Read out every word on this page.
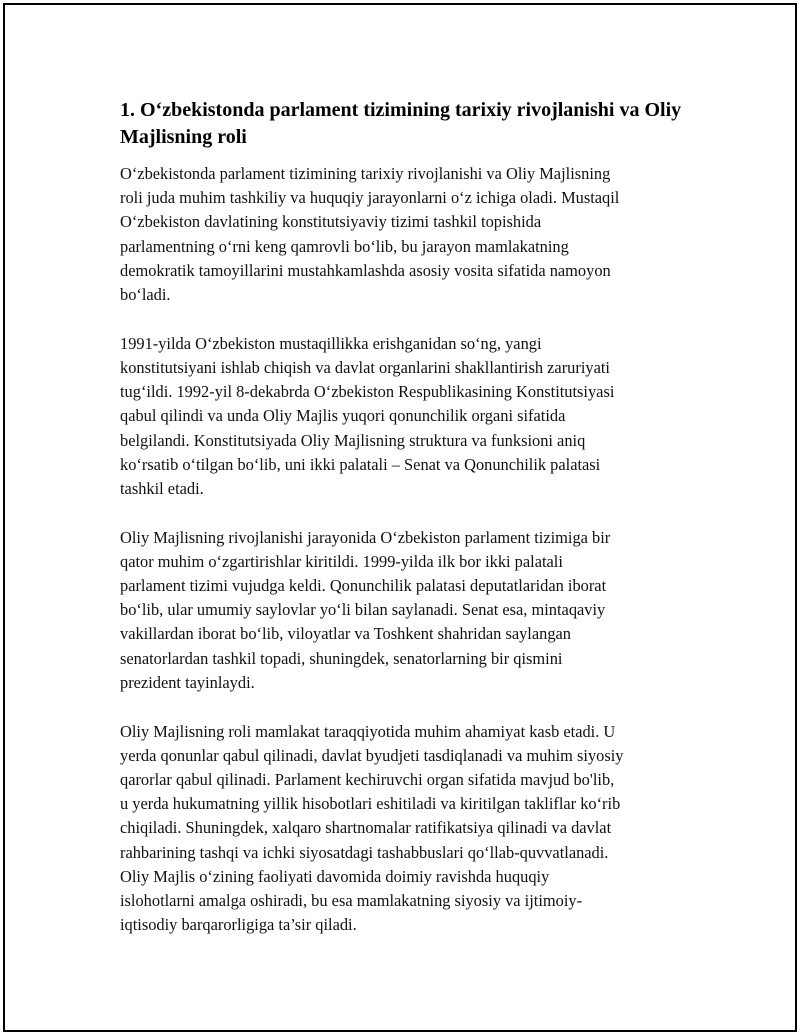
1. O‘zbekistonda parlament tizimining tarixiy rivojlanishi va Oliy Majlisning roli

O‘zbekistonda parlament tizimining tarixiy rivojlanishi va Oliy Majlisning
roli juda muhim tashkiliy va huquqiy jarayonlarni o‘z ichiga oladi. Mustaqil
O‘zbekiston davlatining konstitutsiyaviy tizimi tashkil topishida
parlamentning o‘rni keng qamrovli bo‘lib, bu jarayon mamlakatning
demokratik tamoyillarini mustahkamlashda asosiy vosita sifatida namoyon
bo‘ladi.

1991-yilda O‘zbekiston mustaqillikka erishganidan so‘ng, yangi
konstitutsiyani ishlab chiqish va davlat organlarini shakllantirish zaruriyati
tug‘ildi. 1992-yil 8-dekabrda O‘zbekiston Respublikasining Konstitutsiyasi
qabul qilindi va unda Oliy Majlis yuqori qonunchilik organi sifatida
belgilandi. Konstitutsiyada Oliy Majlisning struktura va funksioni aniq
ko‘rsatib o‘tilgan bo‘lib, uni ikki palatali – Senat va Qonunchilik palatasi
tashkil etadi.

Oliy Majlisning rivojlanishi jarayonida O‘zbekiston parlament tizimiga bir
qator muhim o‘zgartirishlar kiritildi. 1999-yilda ilk bor ikki palatali
parlament tizimi vujudga keldi. Qonunchilik palatasi deputatlaridan iborat
bo‘lib, ular umumiy saylovlar yo‘li bilan saylanadi. Senat esa, mintaqaviy
vakillardan iborat bo‘lib, viloyatlar va Toshkent shahridan saylangan
senatorlardan tashkil topadi, shuningdek, senatorlarning bir qismini
prezident tayinlaydi.

Oliy Majlisning roli mamlakat taraqqiyotida muhim ahamiyat kasb etadi. U
yerda qonunlar qabul qilinadi, davlat byudjeti tasdiqlanadi va muhim siyosiy
qarorlar qabul qilinadi. Parlament kechiruvchi organ sifatida mavjud bo'lib,
u yerda hukumatning yillik hisobotlari eshitiladi va kiritilgan takliflar ko‘rib
chiqiladi. Shuningdek, xalqaro shartnomalar ratifikatsiya qilinadi va davlat
rahbarining tashqi va ichki siyosatdagi tashabbuslari qo‘llab-quvvatlanadi.
Oliy Majlis o‘zining faoliyati davomida doimiy ravishda huquqiy
islohotlarni amalga oshiradi, bu esa mamlakatning siyosiy va ijtimoiy-
iqtisodiy barqarorligiga ta’sir qiladi.
